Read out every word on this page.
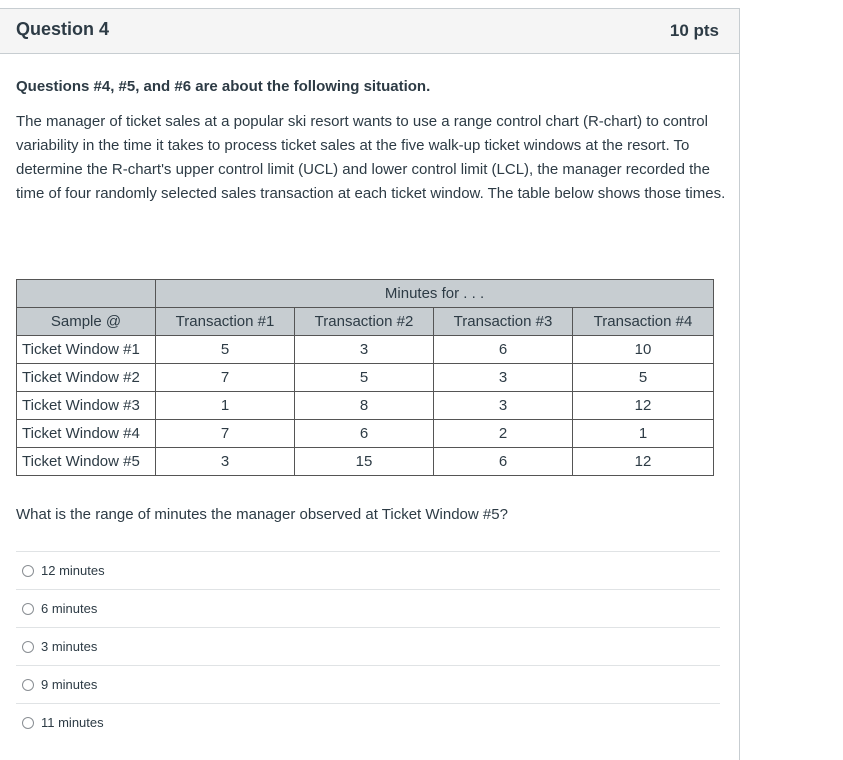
Question 4	10 pts
Questions #4, #5, and #6 are about the following situation.

The manager of ticket sales at a popular ski resort wants to use a range control chart (R-chart) to control variability in the time it takes to process ticket sales at the five walk-up ticket windows at the resort. To determine the R-chart's upper control limit (UCL) and lower control limit (LCL), the manager recorded the time of four randomly selected sales transaction at each ticket window. The table below shows those times.

	Minutes for . . .			
Sample @	Transaction #1	Transaction #2	Transaction #3	Transaction #4
Ticket Window #1	5	3	6	10
Ticket Window #2	7	5	3	5
Ticket Window #3	1	8	3	12
Ticket Window #4	7	6	2	1
Ticket Window #5	3	15	6	12
What is the range of minutes the manager observed at Ticket Window #5?
12 minutes
6 minutes
3 minutes
9 minutes
11 minutes
